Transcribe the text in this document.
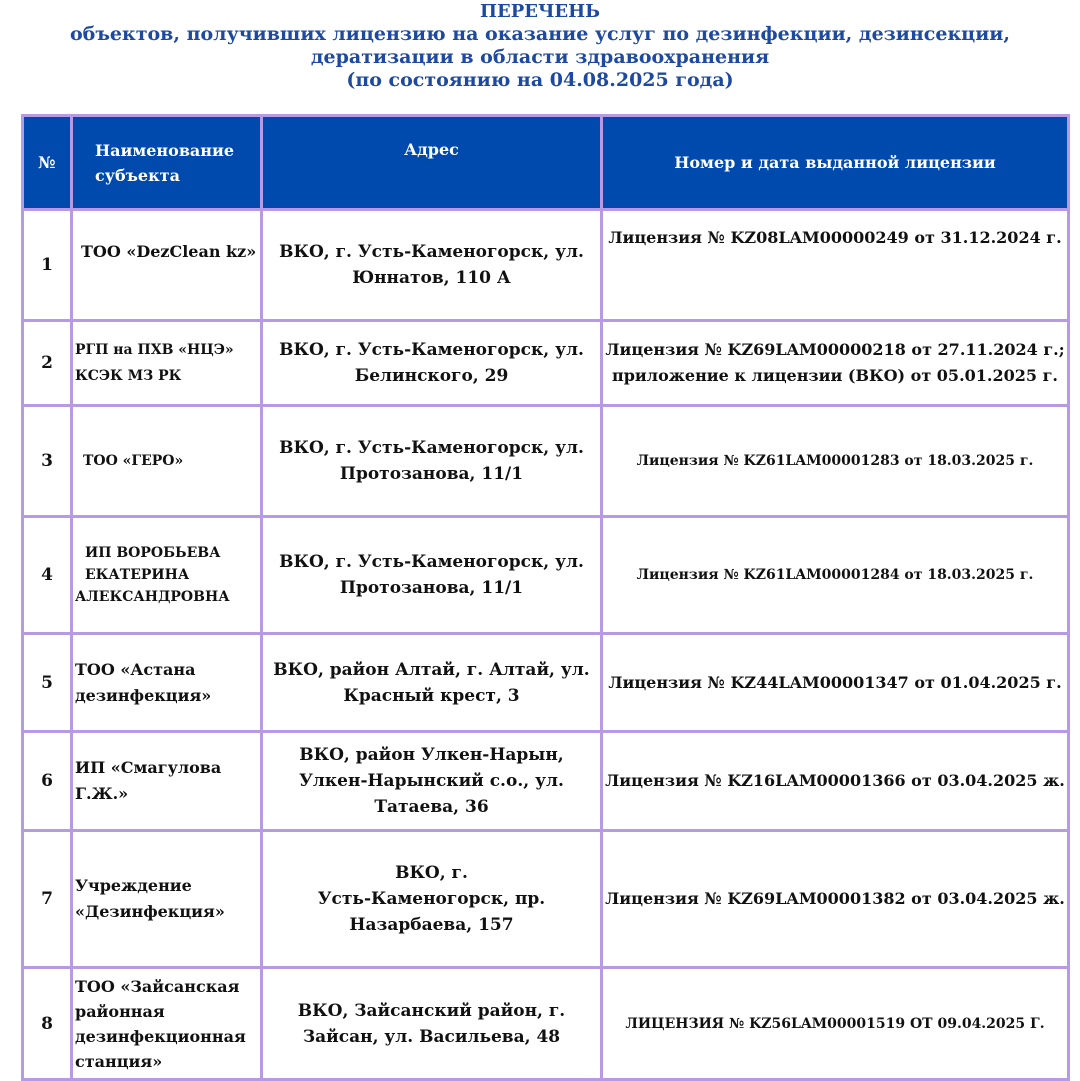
ПЕРЕЧЕНЬ
объектов, получивших лицензию на оказание услуг по дезинфекции, дезинсекции,
дератизации в области здравоохранения
(по состоянию на 04.08.2025 года)
№	Наименование субъекта	Адрес	Номер и дата выданной лицензии
1	ТОО «DezClean kz»	ВКО, г. Усть-Каменогорск, ул. Юннатов, 110 А	Лицензия № KZ08LAM00000249 от 31.12.2024 г.
2	РГП на ПХВ «НЦЭ» КСЭК МЗ РК	ВКО, г. Усть-Каменогорск, ул. Белинского, 29	Лицензия № KZ69LAM00000218 от 27.11.2024 г.; приложение к лицензии (ВКО) от 05.01.2025 г.
3	ТОО «ГЕРО»	ВКО, г. Усть-Каменогорск, ул. Протозанова, 11/1	Лицензия № KZ61LAM00001283 от 18.03.2025 г.
4	ИП ВОРОБЬЕВА
ЕКАТЕРИНА
АЛЕКСАНДРОВНА	ВКО, г. Усть-Каменогорск, ул. Протозанова, 11/1	Лицензия № KZ61LAM00001284 от 18.03.2025 г.
5	ТОО «Астана дезинфекция»	ВКО, район Алтай, г. Алтай, ул. Красный крест, 3	Лицензия № KZ44LAM00001347 от 01.04.2025 г.
6	ИП «Смагулова Г.Ж.»	ВКО, район Улкен-Нарын, Улкен-Нарынский с.о., ул. Татаева, 36	Лицензия № KZ16LAM00001366 от 03.04.2025 ж.
7	Учреждение «Дезинфекция»	ВКО, г.
Усть-Каменогорск, пр.
Назарбаева, 157	Лицензия № KZ69LAM00001382 от 03.04.2025 ж.
8	ТОО «Зайсанская
районная
дезинфекционная
станция»	ВКО, Зайсанский район, г. Зайсан, ул. Васильева, 48	ЛИЦЕНЗИЯ № KZ56LAM00001519 ОТ 09.04.2025 Г.
